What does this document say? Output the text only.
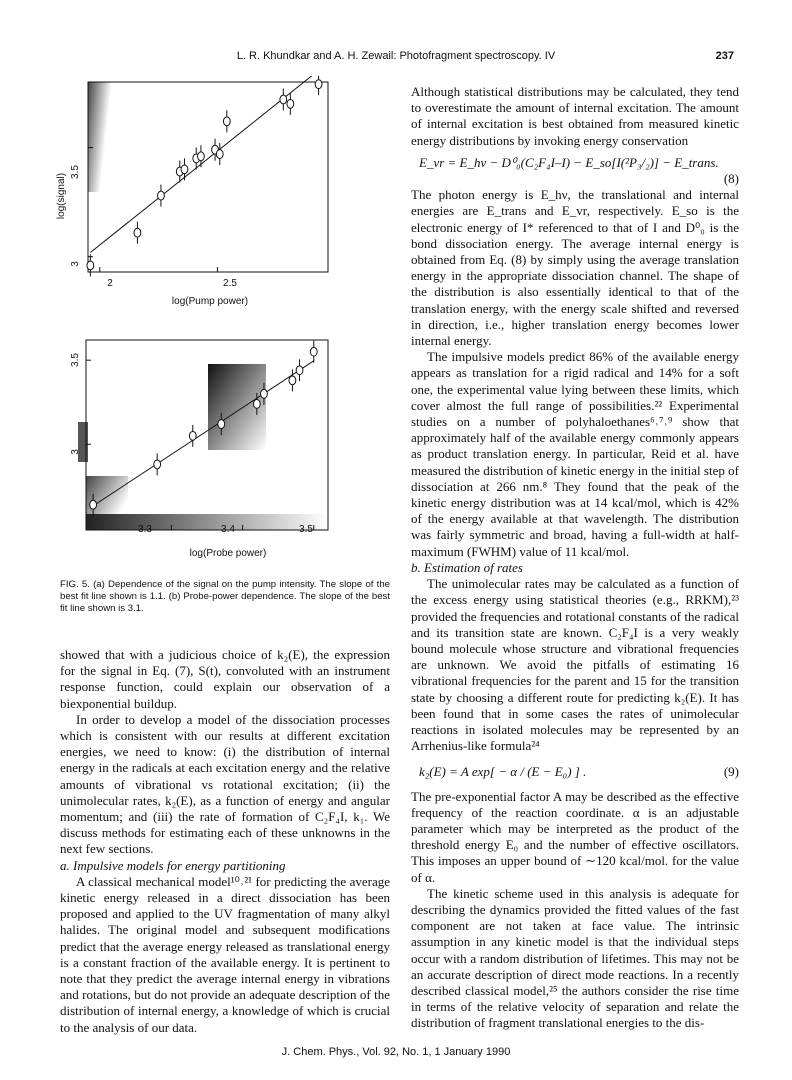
L. R. Khundkar and A. H. Zewail: Photofragment spectroscopy. IV	237
2	2.5
3
3.5
log(signal)
log(Pump power)
3.3	3.4	3.5
3
3.5
log(signal)
log(Probe power)
FIG. 5. (a) Dependence of the signal on the pump intensity. The slope of the best fit line shown is 1.1. (b) Probe-power dependence. The slope of the best fit line shown is 3.1.

showed that with a judicious choice of k₂(E), the expression for the signal in Eq. (7), S(t), convoluted with an instrument response function, could explain our observation of a biexponential buildup.

In order to develop a model of the dissociation processes which is consistent with our results at different excitation energies, we need to know: (i) the distribution of internal energy in the radicals at each excitation energy and the relative amounts of vibrational vs rotational excitation; (ii) the unimolecular rates, k₂(E), as a function of energy and angular momentum; and (iii) the rate of formation of C₂F₄I, k₁. We discuss methods for estimating each of these unknowns in the next few sections.

a. Impulsive models for energy partitioning

A classical mechanical model¹⁰˒²¹ for predicting the average kinetic energy released in a direct dissociation has been proposed and applied to the UV fragmentation of many alkyl halides. The original model and subsequent modifications predict that the average energy released as translational energy is a constant fraction of the available energy. It is pertinent to note that they predict the average internal energy in vibrations and rotations, but do not provide an adequate description of the distribution of internal energy, a knowledge of which is crucial to the analysis of our data.

Although statistical distributions may be calculated, they tend to overestimate the amount of internal excitation. The amount of internal excitation is best obtained from measured kinetic energy distributions by invoking energy conservation

E_vr = E_hν − D⁰₀(C₂F₄I–I) − E_so[I(²P₃/₂)] − E_trans.
(8)

The photon energy is E_hν, the translational and internal energies are E_trans and E_vr, respectively. E_so is the electronic energy of I* referenced to that of I and D⁰₀ is the bond dissociation energy. The average internal energy is obtained from Eq. (8) by simply using the average translation energy in the appropriate dissociation channel. The shape of the distribution is also essentially identical to that of the translation energy, with the energy scale shifted and reversed in direction, i.e., higher translation energy becomes lower internal energy.

The impulsive models predict 86% of the available energy appears as translation for a rigid radical and 14% for a soft one, the experimental value lying between these limits, which cover almost the full range of possibilities.²² Experimental studies on a number of polyhaloethanes⁶˒⁷˒⁹ show that approximately half of the available energy commonly appears as product translation energy. In particular, Reid et al. have measured the distribution of kinetic energy in the initial step of dissociation at 266 nm.⁸ They found that the peak of the kinetic energy distribution was at 14 kcal/mol, which is 42% of the energy available at that wavelength. The distribution was fairly symmetric and broad, having a full-width at half-maximum (FWHM) value of 11 kcal/mol.

b. Estimation of rates

The unimolecular rates may be calculated as a function of the excess energy using statistical theories (e.g., RRKM),²³ provided the frequencies and rotational constants of the radical and its transition state are known. C₂F₄I is a very weakly bound molecule whose structure and vibrational frequencies are unknown. We avoid the pitfalls of estimating 16 vibrational frequencies for the parent and 15 for the transition state by choosing a different route for predicting k₂(E). It has been found that in some cases the rates of unimolecular reactions in isolated molecules may be represented by an Arrhenius-like formula²⁴

k₂(E) = A exp[ − α / (E − E₀) ] .	(9)

The pre-exponential factor A may be described as the effective frequency of the reaction coordinate. α is an adjustable parameter which may be interpreted as the product of the threshold energy E₀ and the number of effective oscillators. This imposes an upper bound of ∼120 kcal/mol. for the value of α.

The kinetic scheme used in this analysis is adequate for describing the dynamics provided the fitted values of the fast component are not taken at face value. The intrinsic assumption in any kinetic model is that the individual steps occur with a random distribution of lifetimes. This may not be an accurate description of direct mode reactions. In a recently described classical model,²⁵ the authors consider the rise time in terms of the relative velocity of separation and relate the distribution of fragment translational energies to the dis-

J. Chem. Phys., Vol. 92, No. 1, 1 January 1990
